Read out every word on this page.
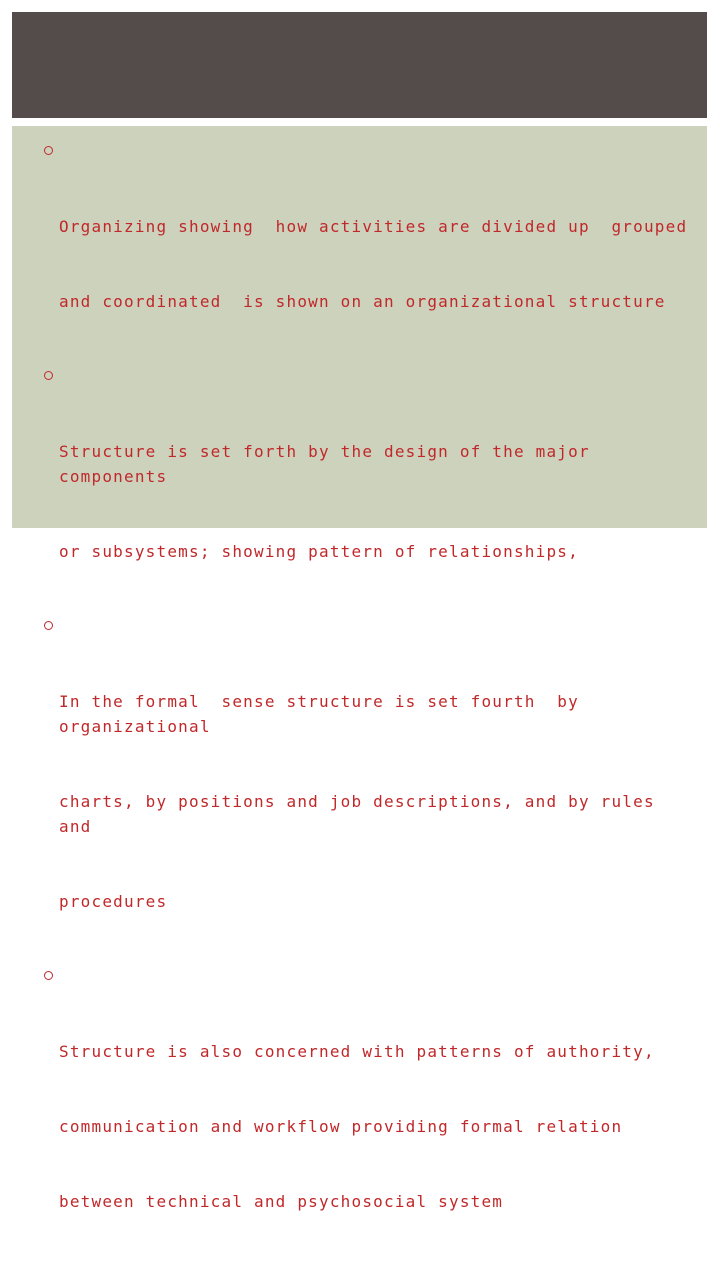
Organizing showing  how activities are divided up  grouped

and coordinated  is shown on an organizational structure

Structure is set forth by the design of the major components

or subsystems; showing pattern of relationships,

In the formal  sense structure is set fourth  by organizational

charts, by positions and job descriptions, and by rules and

procedures

Structure is also concerned with patterns of authority,

communication and workflow providing formal relation

between technical and psychosocial system
